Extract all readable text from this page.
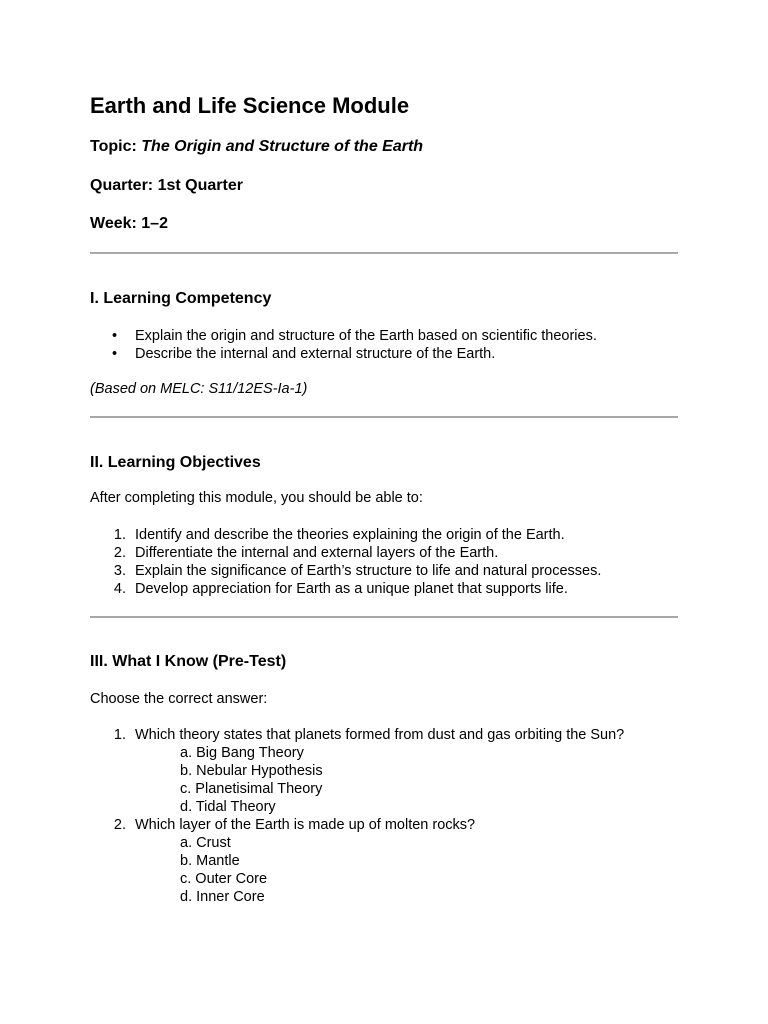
Earth and Life Science Module
Topic: The Origin and Structure of the Earth
Quarter: 1st Quarter
Week: 1–2
I. Learning Competency
• Explain the origin and structure of the Earth based on scientific theories.
• Describe the internal and external structure of the Earth.
(Based on MELC: S11/12ES-Ia-1)
II. Learning Objectives
After completing this module, you should be able to:
1. Identify and describe the theories explaining the origin of the Earth.
2. Differentiate the internal and external layers of the Earth.
3. Explain the significance of Earth’s structure to life and natural processes.
4. Develop appreciation for Earth as a unique planet that supports life.
III. What I Know (Pre-Test)
Choose the correct answer:
1. Which theory states that planets formed from dust and gas orbiting the Sun?
a. Big Bang Theory
b. Nebular Hypothesis
c. Planetisimal Theory
d. Tidal Theory
2. Which layer of the Earth is made up of molten rocks?
a. Crust
b. Mantle
c. Outer Core
d. Inner Core
